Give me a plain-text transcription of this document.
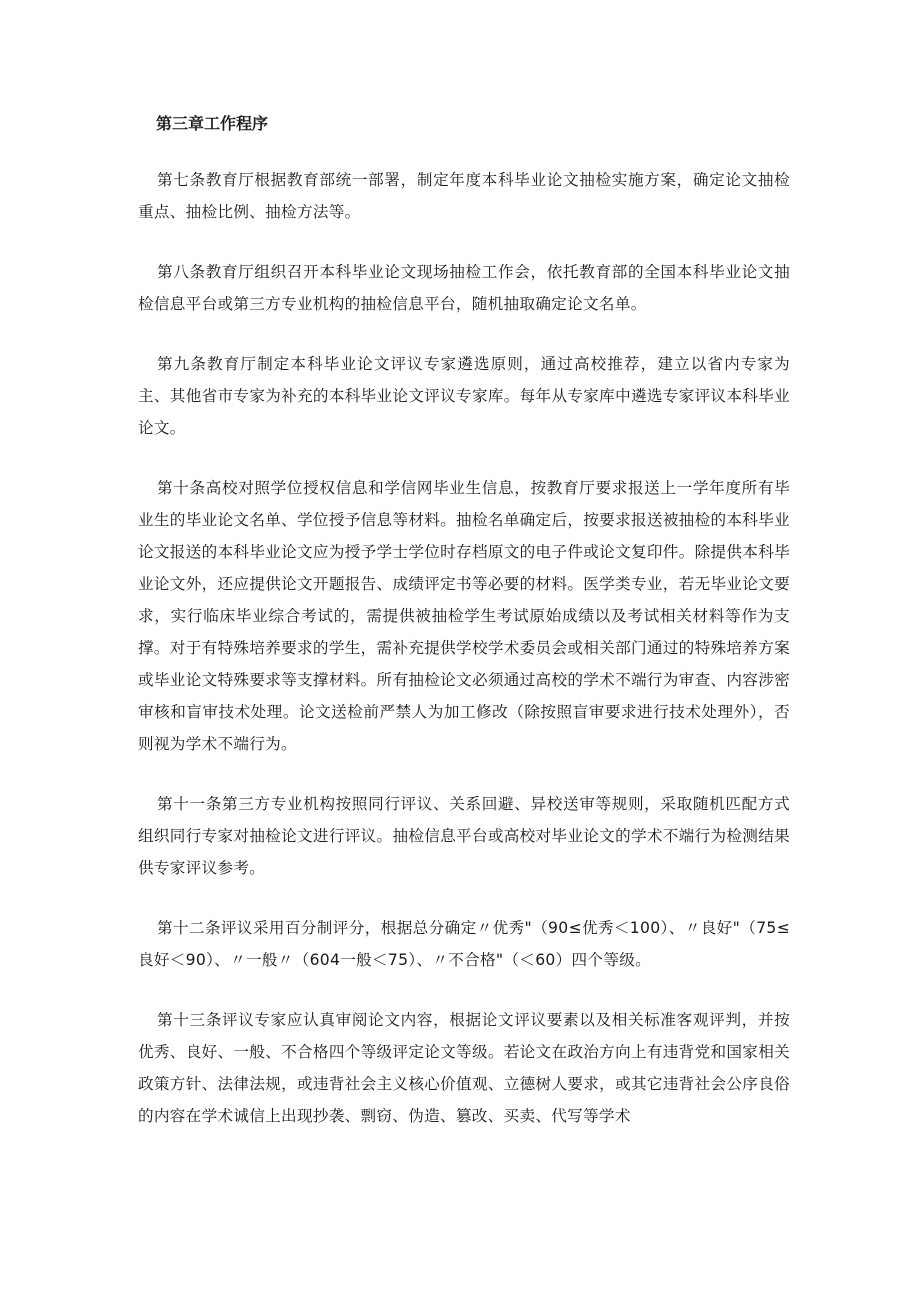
第三章工作程序

第七条教育厅根据教育部统一部署，制定年度本科毕业论文抽检实施方案，确定论文抽检重点、抽检比例、抽检方法等。

第八条教育厅组织召开本科毕业论文现场抽检工作会，依托教育部的全国本科毕业论文抽检信息平台或第三方专业机构的抽检信息平台，随机抽取确定论文名单。

第九条教育厅制定本科毕业论文评议专家遴选原则，通过高校推荐，建立以省内专家为主、其他省市专家为补充的本科毕业论文评议专家库。每年从专家库中遴选专家评议本科毕业论文。

第十条高校对照学位授权信息和学信网毕业生信息，按教育厅要求报送上一学年度所有毕业生的毕业论文名单、学位授予信息等材料。抽检名单确定后，按要求报送被抽检的本科毕业论文报送的本科毕业论文应为授予学士学位时存档原文的电子件或论文复印件。除提供本科毕业论文外，还应提供论文开题报告、成绩评定书等必要的材料。医学类专业，若无毕业论文要求，实行临床毕业综合考试的，需提供被抽检学生考试原始成绩以及考试相关材料等作为支撑。对于有特殊培养要求的学生，需补充提供学校学术委员会或相关部门通过的特殊培养方案或毕业论文特殊要求等支撑材料。所有抽检论文必须通过高校的学术不端行为审查、内容涉密审核和盲审技术处理。论文送检前严禁人为加工修改（除按照盲审要求进行技术处理外），否则视为学术不端行为。

第十一条第三方专业机构按照同行评议、关系回避、异校送审等规则，采取随机匹配方式组织同行专家对抽检论文进行评议。抽检信息平台或高校对毕业论文的学术不端行为检测结果供专家评议参考。

第十二条评议采用百分制评分，根据总分确定〃优秀"（90≤优秀＜100）、〃良好"（75≤良好＜90）、〃一般〃（604一般＜75）、〃不合格"（＜60）四个等级。

第十三条评议专家应认真审阅论文内容，根据论文评议要素以及相关标准客观评判，并按优秀、良好、一般、不合格四个等级评定论文等级。若论文在政治方向上有违背党和国家相关政策方针、法律法规，或违背社会主义核心价值观、立德树人要求，或其它违背社会公序良俗的内容在学术诚信上出现抄袭、剽窃、伪造、篡改、买卖、代写等学术
